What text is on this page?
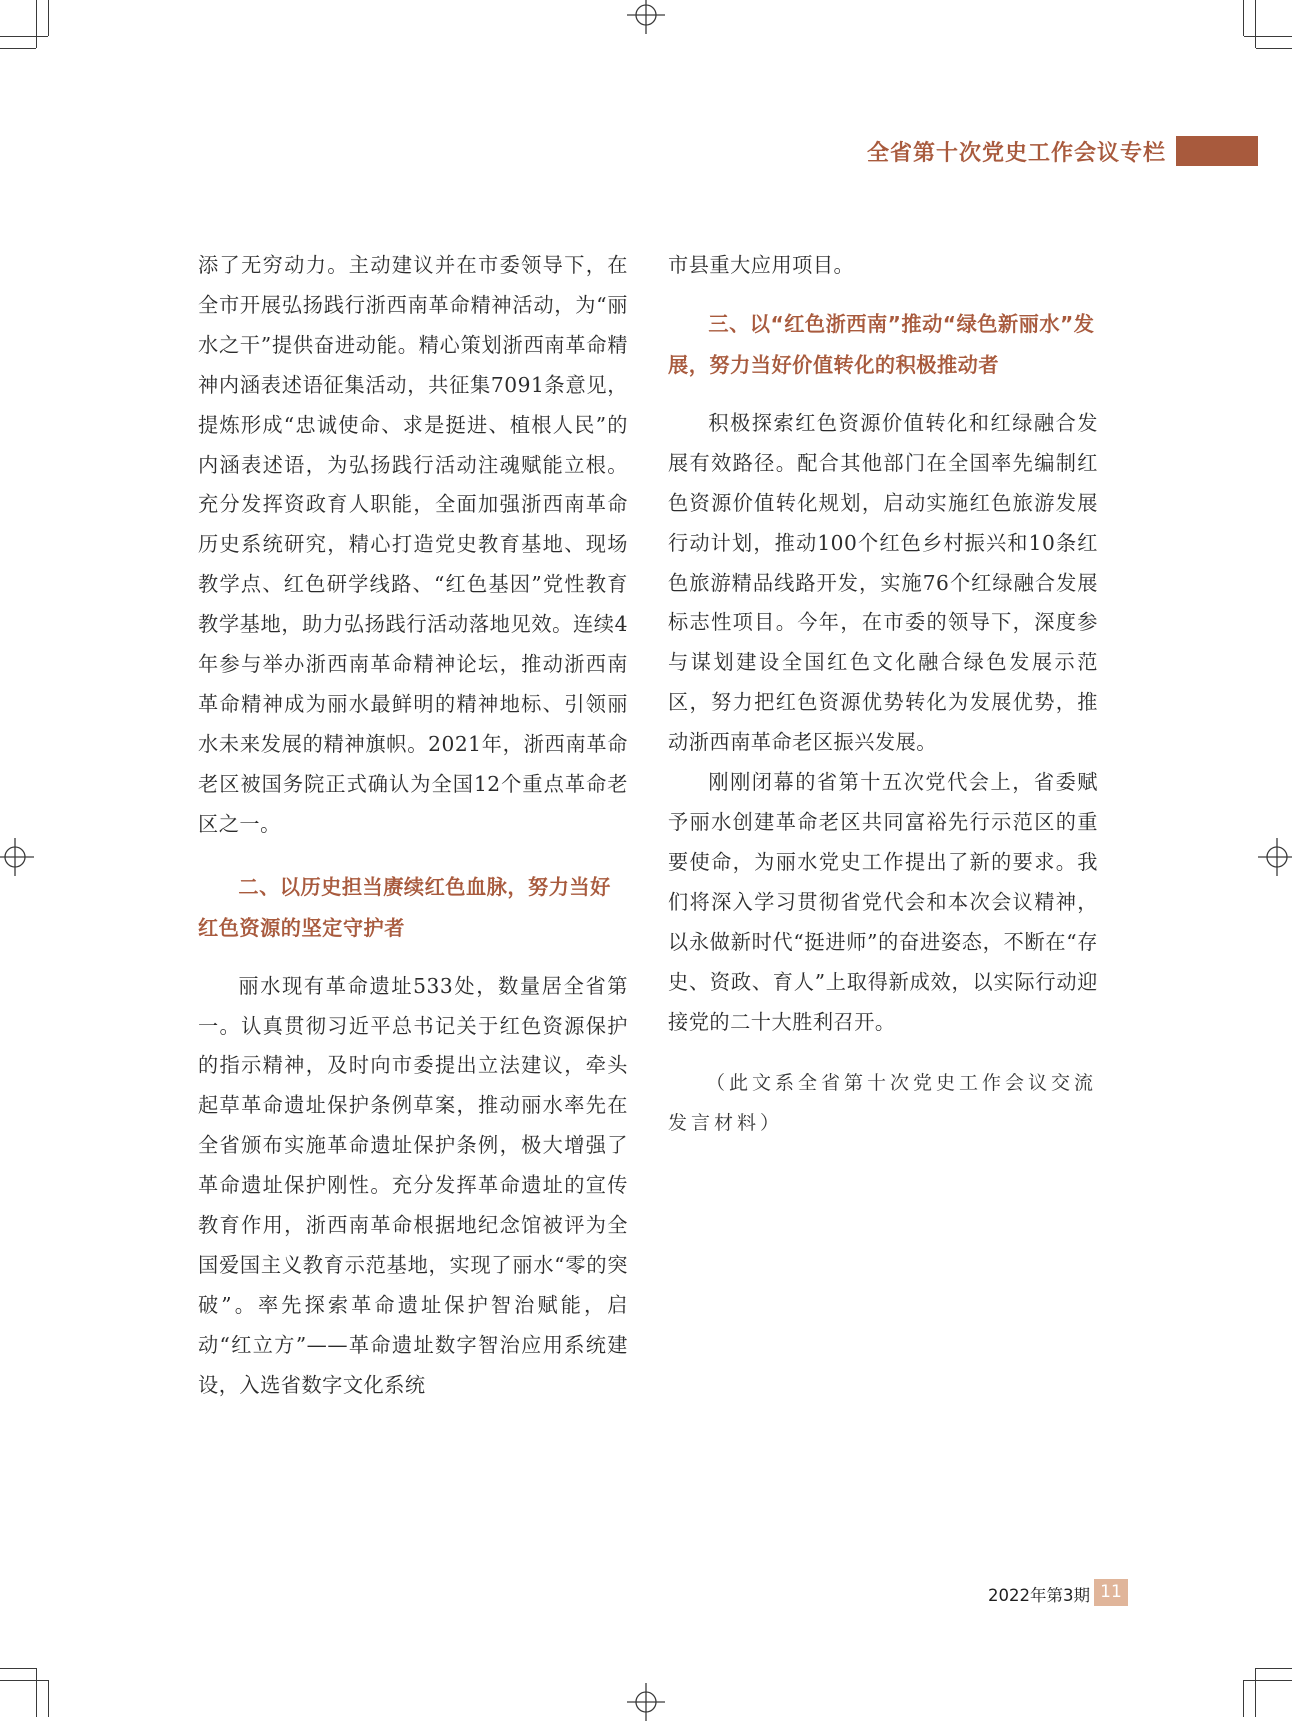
全省第十次党史工作会议专栏

添了无穷动力。主动建议并在市委领导下，在全市开展弘扬践行浙西南革命精神活动，为“丽水之干”提供奋进动能。精心策划浙西南革命精神内涵表述语征集活动，共征集7091条意见，提炼形成“忠诚使命、求是挺进、植根人民”的内涵表述语，为弘扬践行活动注魂赋能立根。充分发挥资政育人职能，全面加强浙西南革命历史系统研究，精心打造党史教育基地、现场教学点、红色研学线路、“红色基因”党性教育教学基地，助力弘扬践行活动落地见效。连续4年参与举办浙西南革命精神论坛，推动浙西南革命精神成为丽水最鲜明的精神地标、引领丽水未来发展的精神旗帜。2021年，浙西南革命老区被国务院正式确认为全国12个重点革命老区之一。

二、以历史担当赓续红色血脉，努力当好红色资源的坚定守护者

丽水现有革命遗址533处，数量居全省第一。认真贯彻习近平总书记关于红色资源保护的指示精神，及时向市委提出立法建议，牵头起草革命遗址保护条例草案，推动丽水率先在全省颁布实施革命遗址保护条例，极大增强了革命遗址保护刚性。充分发挥革命遗址的宣传教育作用，浙西南革命根据地纪念馆被评为全国爱国主义教育示范基地，实现了丽水“零的突破”。率先探索革命遗址保护智治赋能，启动“红立方”——革命遗址数字智治应用系统建设，入选省数字文化系统

市县重大应用项目。

三、以“红色浙西南”推动“绿色新丽水”发展，努力当好价值转化的积极推动者

积极探索红色资源价值转化和红绿融合发展有效路径。配合其他部门在全国率先编制红色资源价值转化规划，启动实施红色旅游发展行动计划，推动100个红色乡村振兴和10条红色旅游精品线路开发，实施76个红绿融合发展标志性项目。今年，在市委的领导下，深度参与谋划建设全国红色文化融合绿色发展示范区，努力把红色资源优势转化为发展优势，推动浙西南革命老区振兴发展。

刚刚闭幕的省第十五次党代会上，省委赋予丽水创建革命老区共同富裕先行示范区的重要使命，为丽水党史工作提出了新的要求。我们将深入学习贯彻省党代会和本次会议精神，以永做新时代“挺进师”的奋进姿态，不断在“存史、资政、育人”上取得新成效，以实际行动迎接党的二十大胜利召开。

（此文系全省第十次党史工作会议交流发言材料）

2022年第3期 11
